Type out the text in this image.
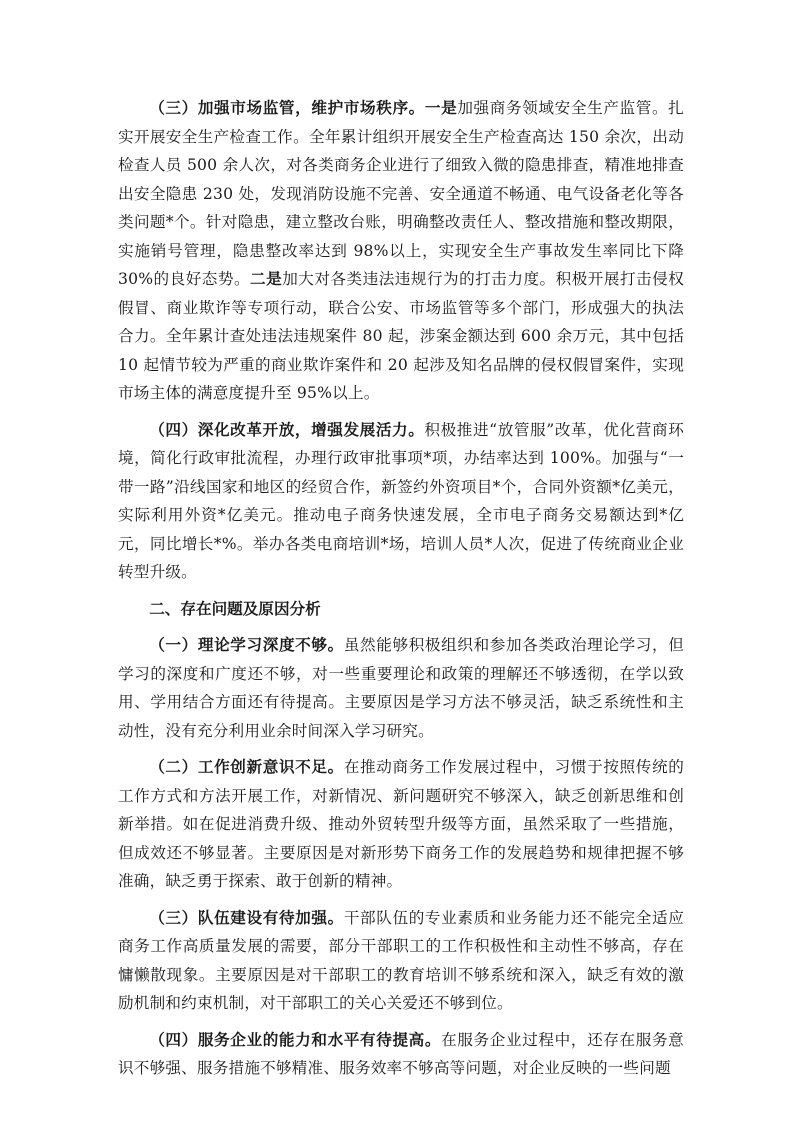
（三）加强市场监管，维护市场秩序。一是加强商务领域安全生产监管。扎实开展安全生产检查工作。全年累计组织开展安全生产检查高达 150 余次，出动检查人员 500 余人次，对各类商务企业进行了细致入微的隐患排查，精准地排查出安全隐患 230 处，发现消防设施不完善、安全通道不畅通、电气设备老化等各类问题*个。针对隐患，建立整改台账，明确整改责任人、整改措施和整改期限，实施销号管理，隐患整改率达到 98%以上，实现安全生产事故发生率同比下降 30%的良好态势。二是加大对各类违法违规行为的打击力度。积极开展打击侵权假冒、商业欺诈等专项行动，联合公安、市场监管等多个部门，形成强大的执法合力。全年累计查处违法违规案件 80 起，涉案金额达到 600 余万元，其中包括 10 起情节较为严重的商业欺诈案件和 20 起涉及知名品牌的侵权假冒案件，实现市场主体的满意度提升至 95%以上。

（四）深化改革开放，增强发展活力。积极推进“放管服”改革，优化营商环境，简化行政审批流程，办理行政审批事项*项，办结率达到 100%。加强与“一带一路”沿线国家和地区的经贸合作，新签约外资项目*个，合同外资额*亿美元，实际利用外资*亿美元。推动电子商务快速发展，全市电子商务交易额达到*亿元，同比增长*%。举办各类电商培训*场，培训人员*人次，促进了传统商业企业转型升级。

二、存在问题及原因分析

（一）理论学习深度不够。虽然能够积极组织和参加各类政治理论学习，但学习的深度和广度还不够，对一些重要理论和政策的理解还不够透彻，在学以致用、学用结合方面还有待提高。主要原因是学习方法不够灵活，缺乏系统性和主动性，没有充分利用业余时间深入学习研究。

（二）工作创新意识不足。在推动商务工作发展过程中，习惯于按照传统的工作方式和方法开展工作，对新情况、新问题研究不够深入，缺乏创新思维和创新举措。如在促进消费升级、推动外贸转型升级等方面，虽然采取了一些措施，但成效还不够显著。主要原因是对新形势下商务工作的发展趋势和规律把握不够准确，缺乏勇于探索、敢于创新的精神。

（三）队伍建设有待加强。干部队伍的专业素质和业务能力还不能完全适应商务工作高质量发展的需要，部分干部职工的工作积极性和主动性不够高，存在慵懒散现象。主要原因是对干部职工的教育培训不够系统和深入，缺乏有效的激励机制和约束机制，对干部职工的关心关爱还不够到位。

（四）服务企业的能力和水平有待提高。在服务企业过程中，还存在服务意识不够强、服务措施不够精准、服务效率不够高等问题，对企业反映的一些问题
